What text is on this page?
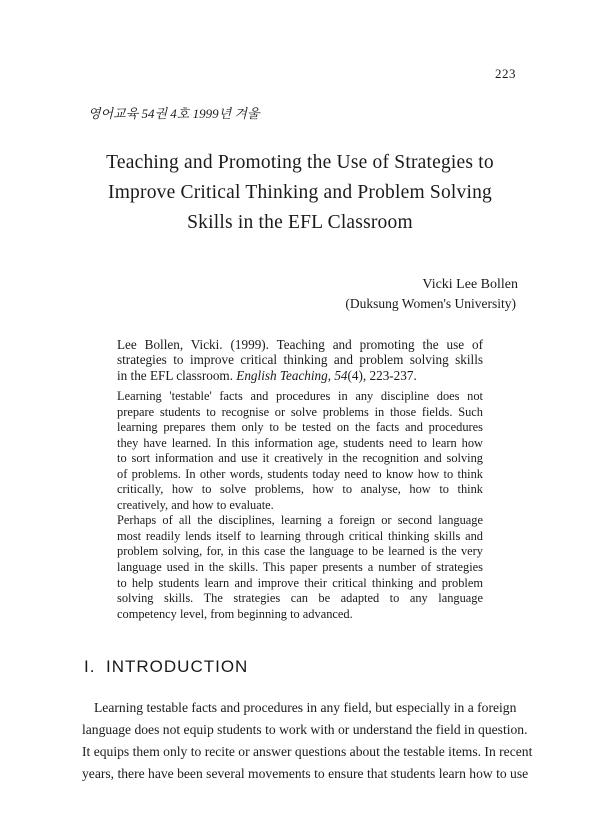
223
영어교육 54권 4호 1999년 겨울
Teaching and Promoting the Use of Strategies to
Improve Critical Thinking and Problem Solving
Skills in the EFL Classroom
Vicki Lee Bollen
(Duksung Women's University)
Lee Bollen, Vicki. (1999). Teaching and promoting the use of
strategies to improve critical thinking and problem solving skills
in the EFL classroom. English Teaching, 54(4), 223-237.
Learning 'testable' facts and procedures in any discipline does not
prepare students to recognise or solve problems in those fields. Such
learning prepares them only to be tested on the facts and procedures
they have learned. In this information age, students need to learn how
to sort information and use it creatively in the recognition and solving
of problems. In other words, students today need to know how to think
critically, how to solve problems, how to analyse, how to think
creatively, and how to evaluate.
Perhaps of all the disciplines, learning a foreign or second language
most readily lends itself to learning through critical thinking skills and
problem solving, for, in this case the language to be learned is the very
language used in the skills. This paper presents a number of strategies
to help students learn and improve their critical thinking and problem
solving skills. The strategies can be adapted to any language
competency level, from beginning to advanced.
I. INTRODUCTION
Learning testable facts and procedures in any field, but especially in a foreign
language does not equip students to work with or understand the field in question.
It equips them only to recite or answer questions about the testable items. In recent
years, there have been several movements to ensure that students learn how to use
